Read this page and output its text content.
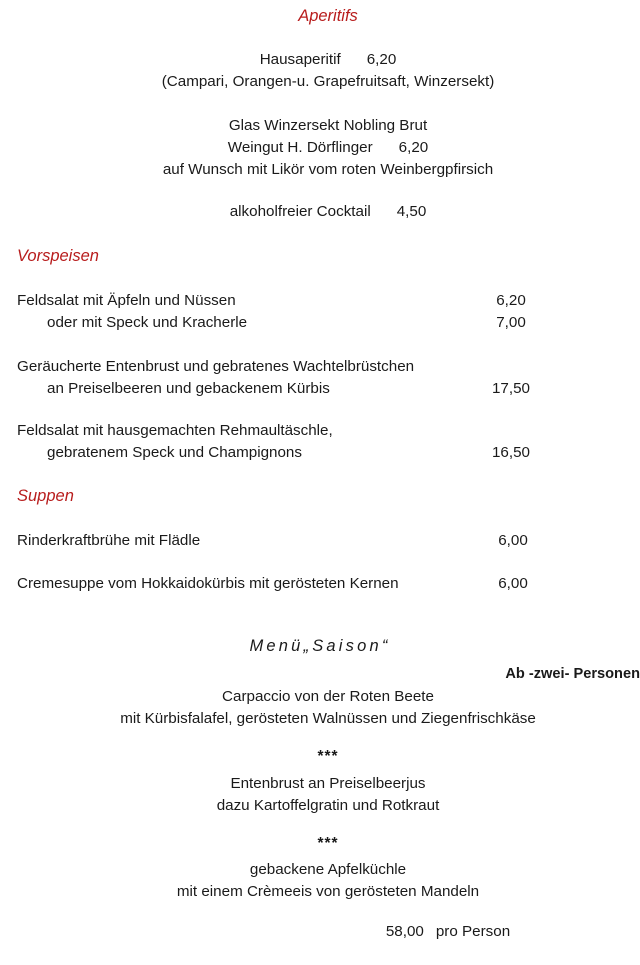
Aperitifs
Hausaperitif 6,20
(Campari, Orangen-u. Grapefruitsaft, Winzersekt)
Glas Winzersekt Nobling Brut
Weingut H. Dörflinger 6,20
auf Wunsch mit Likör vom roten Weinbergpfirsich
alkoholfreier Cocktail 4,50
Vorspeisen
Feldsalat mit Äpfeln und Nüssen	6,20
oder mit Speck und Kracherle	7,00
Geräucherte Entenbrust und gebratenes Wachtelbrüstchen
an Preiselbeeren und gebackenem Kürbis	17,50
Feldsalat mit hausgemachten Rehmaultäschle,
gebratenem Speck und Champignons	16,50
Suppen
Rinderkraftbrühe mit Flädle	6,00
Cremesuppe vom Hokkaidokürbis mit gerösteten Kernen	6,00
Menü„Saison“
Ab -zwei- Personen
Carpaccio von der Roten Beete
mit Kürbisfalafel, gerösteten Walnüssen und Ziegenfrischkäse
***
Entenbrust an Preiselbeerjus
dazu Kartoffelgratin und Rotkraut
***
gebackene Apfelküchle
mit einem Crèmeeis von gerösteten Mandeln
58,00 pro Person
